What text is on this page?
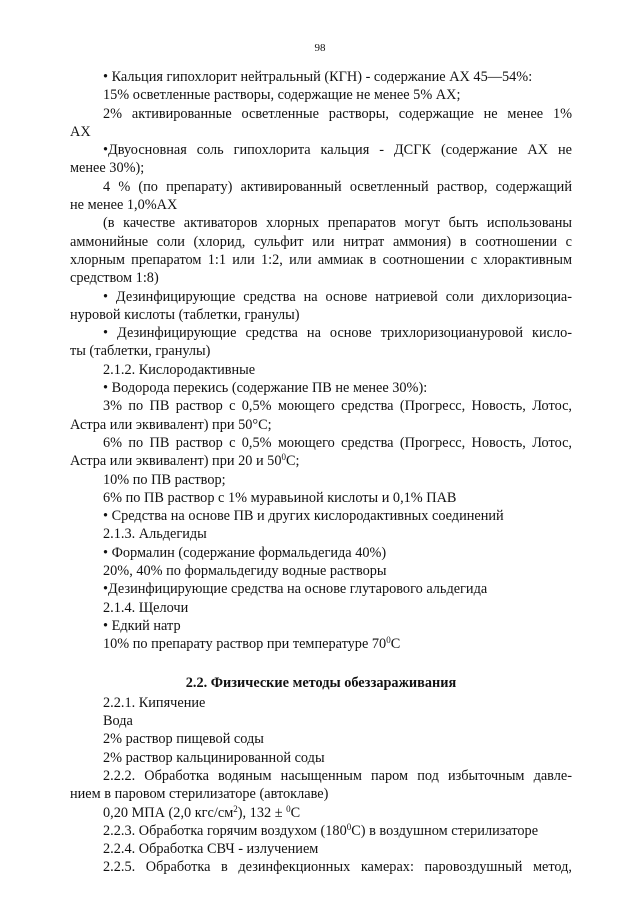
98

• Кальция гипохлорит нейтральный (КГН) - содержание АХ 45—54%:

15% осветленные растворы, содержащие не менее 5% АХ;

2% активированные осветленные растворы, содержащие не менее 1%

АХ

•Двуосновная соль гипохлорита кальция - ДСГК (содержание АХ не

менее 30%);

4 % (по препарату) активированный осветленный раствор, содержащий

не менее 1,0%АХ

(в качестве активаторов хлорных препаратов могут быть использованы

аммонийные соли (хлорид, сульфит или нитрат аммония) в соотношении с

хлорным препаратом 1:1 или 1:2, или аммиак в соотношении с хлорактивным

средством 1:8)

• Дезинфицирующие средства на основе натриевой соли дихлоризоциа-

нуровой кислоты (таблетки, гранулы)

• Дезинфицирующие средства на основе трихлоризоциануровой кисло-

ты (таблетки, гранулы)

2.1.2. Кислородактивные

• Водорода перекись (содержание ПВ не менее 30%):

3% по ПВ раствор с 0,5% моющего средства (Прогресс, Новость, Лотос,

Астра или эквивалент) при 50°С;

6% по ПВ раствор с 0,5% моющего средства (Прогресс, Новость, Лотос,

Астра или эквивалент) при 20 и $50^0С$;

10% по ПВ раствор;

6% по ПВ раствор с 1% муравьиной кислоты и 0,1% ПАВ

• Средства на основе ПВ и других кислородактивных соединений

2.1.3. Альдегиды

• Формалин (содержание формальдегида 40%)

20%, 40% по формальдегиду водные растворы

•Дезинфицирующие средства на основе глутарового альдегида

2.1.4. Щелочи

• Едкий натр

10% по препарату раствор при температуре $70^0С$

2.2. Физические методы обеззараживания

2.2.1. Кипячение

Вода

2% раствор пищевой соды

2% раствор кальцинированной соды

2.2.2. Обработка водяным насыщенным паром под избыточным давле-

нием в паровом стерилизаторе (автоклаве)

0,20 МПА (2,0 кгс/$см^2$), 132 ± $^0$С

2.2.3. Обработка горячим воздухом $(180^0С)$ в воздушном стерилизаторе

2.2.4. Обработка СВЧ - излучением

2.2.5. Обработка в дезинфекционных камерах: паровоздушный метод,
